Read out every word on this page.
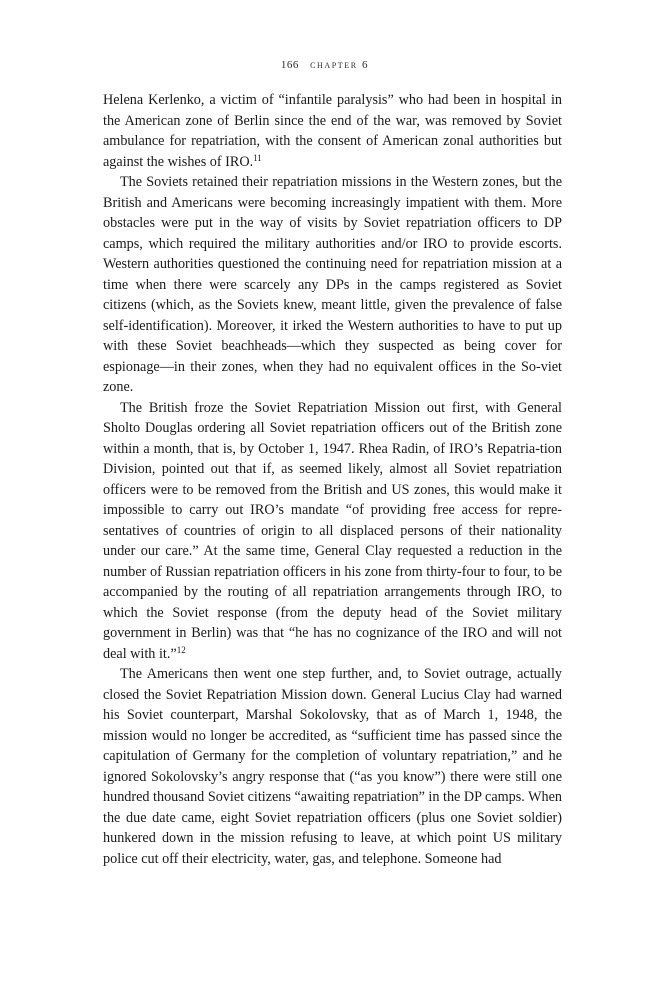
166 chapter 6

Helena Kerlenko, a victim of “infantile paralysis” who had been in hospital in the American zone of Berlin since the end of the war, was removed by Soviet ambulance for repatriation, with the consent of American zonal authorities but against the wishes of IRO.$^{11}$

The Soviets retained their repatriation missions in the Western zones, but the British and Americans were becoming increasingly impatient with them. More obstacles were put in the way of visits by Soviet repatriation officers to DP camps, which required the military authorities and/or IRO to provide escorts. Western authorities questioned the continuing need for repatriation mission at a time when there were scarcely any DPs in the camps registered as Soviet citizens (which, as the Soviets knew, meant little, given the prevalence of false self-identification). Moreover, it irked the Western authorities to have to put up with these Soviet beachheads—which they suspected as being cover for espionage—in their zones, when they had no equivalent offices in the So-viet zone.

The British froze the Soviet Repatriation Mission out first, with General Sholto Douglas ordering all Soviet repatriation officers out of the British zone within a month, that is, by October 1, 1947. Rhea Radin, of IRO’s Repatria-tion Division, pointed out that if, as seemed likely, almost all Soviet repatriation officers were to be removed from the British and US zones, this would make it impossible to carry out IRO’s mandate “of providing free access for repre-sentatives of countries of origin to all displaced persons of their nationality under our care.” At the same time, General Clay requested a reduction in the number of Russian repatriation officers in his zone from thirty-four to four, to be accompanied by the routing of all repatriation arrangements through IRO, to which the Soviet response (from the deputy head of the Soviet military government in Berlin) was that “he has no cognizance of the IRO and will not deal with it.”$^{12}$

The Americans then went one step further, and, to Soviet outrage, actually closed the Soviet Repatriation Mission down. General Lucius Clay had warned his Soviet counterpart, Marshal Sokolovsky, that as of March 1, 1948, the mission would no longer be accredited, as “sufficient time has passed since the capitulation of Germany for the completion of voluntary repatriation,” and he ignored Sokolovsky’s angry response that (“as you know”) there were still one hundred thousand Soviet citizens “awaiting repatriation” in the DP camps. When the due date came, eight Soviet repatriation officers (plus one Soviet soldier) hunkered down in the mission refusing to leave, at which point US military police cut off their electricity, water, gas, and telephone. Someone had
